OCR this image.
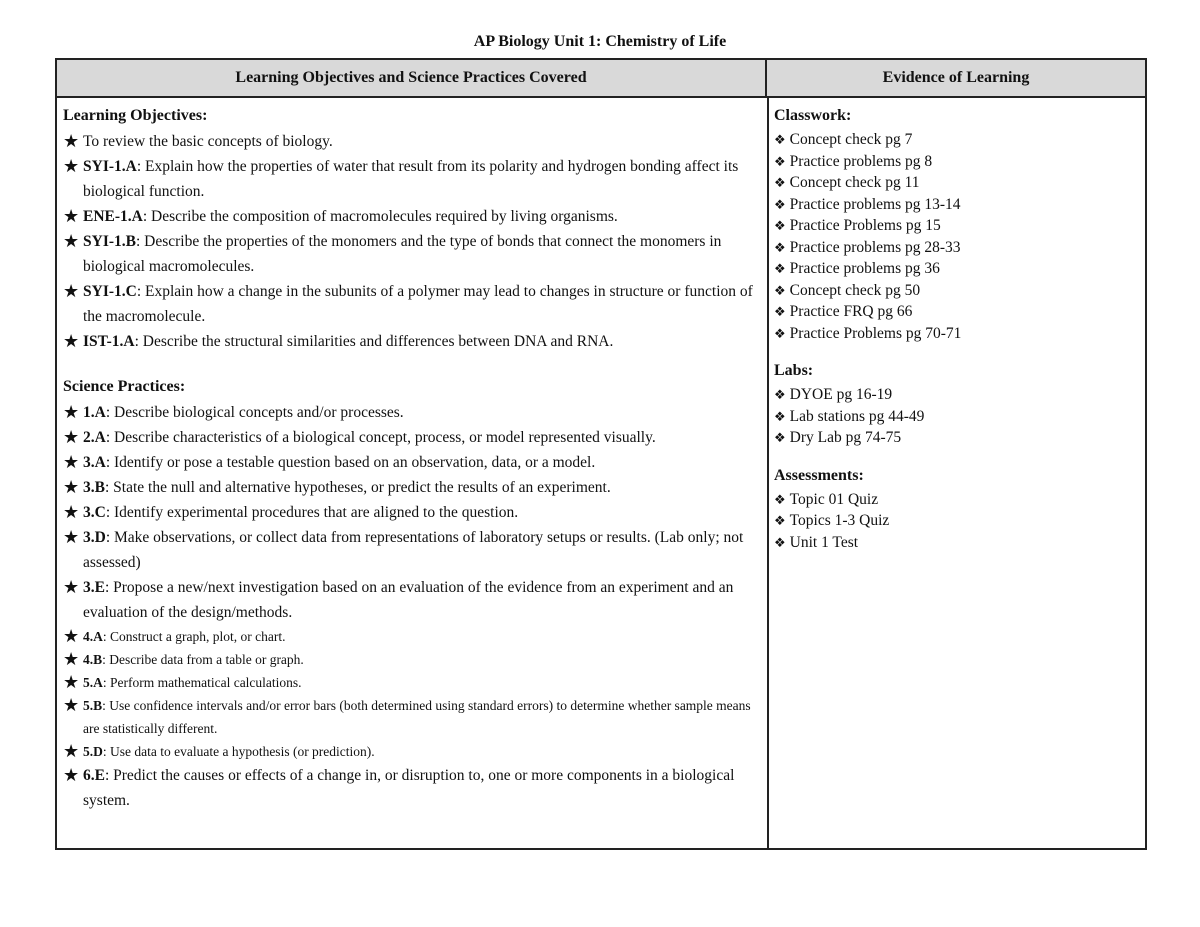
AP Biology Unit 1: Chemistry of Life
Learning Objectives and Science Practices Covered	Evidence of Learning
Learning Objectives:
★ To review the basic concepts of biology.
★ SYI-1.A: Explain how the properties of water that result from its polarity and hydrogen bonding affect its biological function.
★ ENE-1.A: Describe the composition of macromolecules required by living organisms.
★ SYI-1.B: Describe the properties of the monomers and the type of bonds that connect the monomers in biological macromolecules.
★ SYI-1.C: Explain how a change in the subunits of a polymer may lead to changes in structure or function of the macromolecule.
★ IST-1.A: Describe the structural similarities and differences between DNA and RNA.
Science Practices:
★ 1.A: Describe biological concepts and/or processes.
★ 2.A: Describe characteristics of a biological concept, process, or model represented visually.
★ 3.A: Identify or pose a testable question based on an observation, data, or a model.
★ 3.B: State the null and alternative hypotheses, or predict the results of an experiment.
★ 3.C: Identify experimental procedures that are aligned to the question.
★ 3.D: Make observations, or collect data from representations of laboratory setups or results. (Lab only; not assessed)
★ 3.E: Propose a new/next investigation based on an evaluation of the evidence from an experiment and an evaluation of the design/methods.
★ 4.A: Construct a graph, plot, or chart.
★ 4.B: Describe data from a table or graph.
★ 5.A: Perform mathematical calculations.
★ 5.B: Use confidence intervals and/or error bars (both determined using standard errors) to determine whether sample means are statistically different.
★ 5.D: Use data to evaluate a hypothesis (or prediction).
★ 6.E: Predict the causes or effects of a change in, or disruption to, one or more components in a biological system.
Classwork:
❖ Concept check pg 7
❖ Practice problems pg 8
❖ Concept check pg 11
❖ Practice problems pg 13-14
❖ Practice Problems pg 15
❖ Practice problems pg 28-33
❖ Practice problems pg 36
❖ Concept check pg 50
❖ Practice FRQ pg 66
❖ Practice Problems pg 70-71
Labs:
❖ DYOE pg 16-19
❖ Lab stations pg 44-49
❖ Dry Lab pg 74-75
Assessments:
❖ Topic 01 Quiz
❖ Topics 1-3 Quiz
❖ Unit 1 Test
